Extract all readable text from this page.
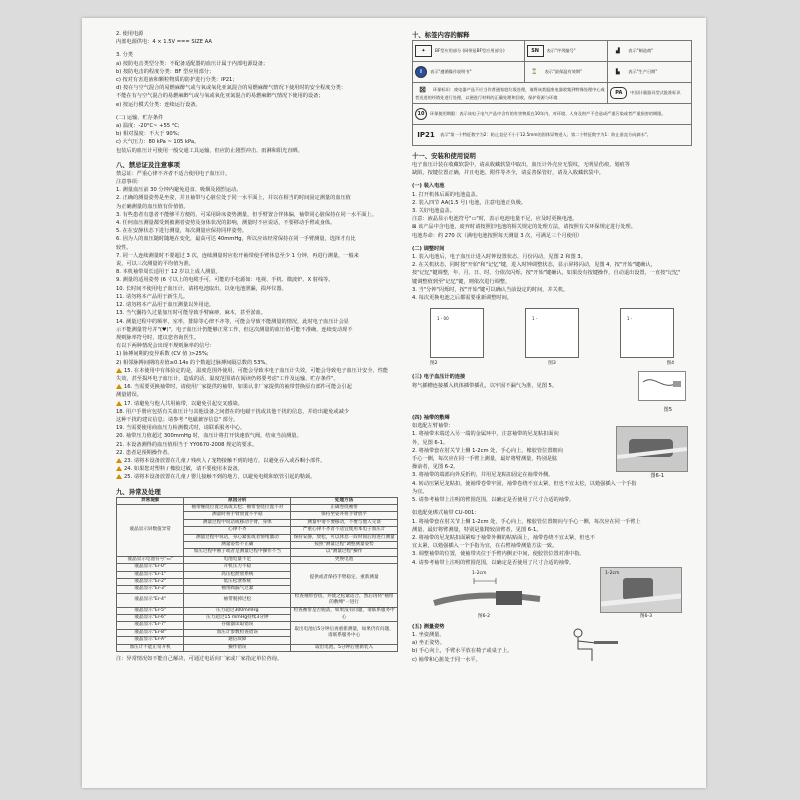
2. 使用电源

内部电源供电：4 × 1.5V === SIZE AA

3. 分类

a) 按防电击类型分类：不配备适配器的血压计属于内部电源设备；

b) 按防电击的程度分类：BF 型应用部分；

c) 按对有害进液和颗粒物质的防护进行分类：IP21；

d) 按在与空气混合的易燃麻醉气或与氧或氧化亚氮混合的易燃麻醉气情况下使用时的安全程度分类：

不能在有与空气混合的易燃麻醉气或与氧或氧化亚氮混合的易燃麻醉气情况下使用的设备；

e) 按运行模式分类：连续运行设备。

(二) 运输、贮存条件

a) 温度：-20°C~ +55 °C;

b) 相对湿度：不大于 90%;

c) 大气压力：80 kPa ~ 105 kPa。

包装后的血压计可使用一般交通工具运输，但应防止剧烈冲击、雨淋和阳光直晒。

八、禁忌证及注意事项

禁忌证：严重心律不齐者不适合使用电子血压计。

注意事项：

1. 测量血压前 30 分钟内避免进食、吸烟及剧烈运动。

2. 正确的测量姿势是坐姿，并且袖带与心脏位处于同一水平面上，并以在相当的时间固定测量的血压值

为正确测量的血压值有价值值。

3. 有些患者有患者不能够平方便的，可采用卧床姿势测量，但手臂置合伴体偏，袖带同心脏保持在同一水平面上。

4. 任何血压测量都受到被测者姿势及身体状况的影响，测量时不应说话，不要移动手臂或身体。

5. 在在安静状态下进行测量，每次测量应保持同样姿势。

6. 因为人的血压随时随地在变化，最高可达 40mmHg，所以应该经常保持在同一手臂测量，选择才有比

较性。

7. 同一人连续测量时不要超过 3 次，连续测量时应松开袖带使手臂休息至少 1 分钟，再进行测量，一般来

说，可以三次测量的平均值为准。

8. 本机袖带周长适用于 12 岁以上成人测量。

9. 测量的适用姿势 (6 寸以上的电缆手可，可能的手松源如：电视、手机、微波炉、X 射线等。

10. 长时间不使用电子血压计，请将电池取出，以免电池泄漏，损坏仪器。

11. 请勿将本产品用于新生儿。

12. 请勿将本产品用于血压测量以外用途。

13. 当气囊持久过量加压时可能导致手臂麻痹，麻木，甚至淤血。

14. 测量过程中的频率，室率，排除等心律不齐等，可能会导致不能测量的情况，此时电子血压计会显

示不能测量符号并"(♥)"，电子血压计仍能够正常工作，但这次测量的血压值可能不准确，连续变动现不

规则脉率符号时，建议您咨询医生。

有以下两种情况会出现不规则脉率的信号：

1) 脉搏间期的变异系数 (CV 值 )>25%;

2) 相邻脉搏间期的差值≥0.14s 的个数超过脉搏间隔总数的 53%。

15. 在本使用中有体验定的是，温度范围外使用，可能会导致本电子血压计失效，可能会导致电子血压计安全、性能

失效，甚至损坏电子血压计，造成的话，温度范围请在阅读仍将要考虑"工作及运输、贮存条件"。

16. 当需要更换袖带时，请使用厂家提供的袖带，如果认非厂家提供的袖带替换原有部件可能会引起

测量错误。

17. 请避免与他人共用袖带，以避免引起交叉感染。

18. 用户手册应包括有关血压计与其他设备之间潜在的电磁干扰或其他干扰的信息，并给出避免或减少

这种干扰的建议信息；请参考 "电磁兼容信息" 部分。

19. 当需要使用商血压力检测模式时，请联系服务中心。

20. 袖带压力值超过 300mmHg 时，血压计将打开快速放气阀，结束当前测量。

21. 本设备测得的血压值相当于 YY0670-2008 规定的要求。

22. 患者是预期操作者。

23. 请将本设备放置在儿童 / 残疾人 / 宠物接触不到的地方，以避免吞入或吞咽小部件。

24. 如果您对塑料 / 橡胶过敏，请不要使用本设备。

25. 请将本设备放置在儿童 / 婴儿接触不到的地方，以避免电缆和软管引起的勒颈。

九、异常及处理

异常现象	原因分析	处理方法
液晶显示屏数值异常	袖带缠绕位置过高或太松；袖带卷绕位置不对	正确卷绕袖带
	测量时将手臂放置不平稳	保持坐姿并将手臂放平
	测量过程中说话或移动手臂，身体	测量中请不要移动，不要与他人交谈
	心律不齐	严重心律不齐者不适宜使用本电子血压计
	测量过程中说话，身心紧张或者情绪激动	保持安静，放松，可以休息一段时间后再进行测量
	测量姿势不正确	按照"测量过程"调整测量姿势
	加压过程中袖子或者是测量过程中操作不当	以"测量过程"操作
液晶显示电池符号"▭"	电池电量不足	更换电池
液晶显示"Er-0"	开机压力不稳	提供或者保持手臂稳定，重新测量
液晶显示"Er-1"	高压松泄放系统	
液晶显示"Er-2"	低压松泄系统	
液晶显示"Er-3"	袖带阀漏气过紧	
液晶显示"Er-4"	袖带脱掉过松	检查袖带卷绕，并使之松紧适合，然后再将"袖带的敷缚"一进行
液晶显示"Er-5"	压力超过300mmHg	检查袖带是否脱落，如果没有问题，请联系服务中心
液晶显示"Er-6"	压力超过15 mmHg持续3分钟	
液晶显示"Er-7"	存储器读取错误	取出电池后5分钟后再重新测量，如果仍有问题，请联系服务中心
液晶显示"Er-8"	血压计参数检查错误	
液晶显示"Er-A"	通信故障	
血压计不能正常开机	操作错误	取出电池，5分钟后重新装入

注：异常情况如不能自己解决，可通过电话向厂家或厂家指定单位咨询。

十、标签内容的解释

✦ BF型应用部分 (网带是BF型应用部分)	SN 表示"序列编号"	▟ 表示"制造商"
i 表示"遵循操作说明书"	⌛ 表示"最保温有效期"	▙ 表示"生产日期"
⊠ 环保标识：废电器产品不应当作普通家庭垃圾处理，请将该类报废电器收集到特殊处理中心或者送进的经销处进行处理，以便进行材料的正确处理和回收，保护资源与环境		PA 中国计量器具型式批准标识
10 环保使用期限：表示该电子电气产品中含有的有害物质在10年内，对环境、人身及财产不会造成严重污染或者严重损害的期限。		
IP21 表示"第一个特征数字为2：防止直径不小于12.5mm的固体异物进入；第二个特征数字为1：防止垂直方向滴水"。		

十一、安装和使用说明

电子血压计装在收藏软袋中，请从收藏软袋中取出，血压计外壳应无裂纹，无明显伤痕、划痕等

缺陷，按键位置正确，并且电池、附件等齐全，请妥善保管好，请及入收藏软袋中。

(一) 装入电池

1. 打开机体后面的电池盒盖。

2. 装入四节 AA(1.5 号) 电池，注意电池正负极。

3. 关好电池盒盖。

注意：液晶显示电池符号"▭"时，表示电池电量不足，应及时更换电池。

⊠ 该产品中含电池，废弃时请按照旧电池的相关规定的处理方法，请按照有关环保规定进行处理。

电池寿命：约 270 次（满电电池按照每天测量 3 次，可满足三个月使用）

(二) 调整时间

1. 装入电池后，电子血压计进入时钟设置状态，月份闪动，见图 2 和图 3。

2. 在关机状态，同时按"开始"和"记忆"键，进入时钟调整状态，显示屏将闪动，见图 4，按"开始"键确认，

按"记忆"键调整，年、月、日、时、分依次闪烁，按"开始"键确认，如果没有按键操作，自动退出设置，一直按"记忆"

键调整值到至"记忆"键，则依次进行调整。

3. 当"分钟"闪烁时，按"开始"键可以确认当前设定的时间，并关机。

4. 每次更换电池之后都需要重新调整时间。

1 - 00	1 -	1 -
图2	图3	图4

(三) 电子血压计的连接

将气插槽连接插入机体插带插孔，以牢固不漏气为准，见图 5。

图5

(四) 袖带的敷缚

如选配左臂袖带：

1. 将袖带末端送入另一端的金属环中，注意袖带的尼龙粘扣面向

外，见图 6-1。

2. 将袖带套在肘关节上侧 1-2cm 处，手心向上，橡胶管位置朝向

手心一侧，每次应在同一手臂上测量，最好将臂测量，特别是肱

操前者，见图 6-2。

3. 将袖带的端部向外反折约，并用尼龙粘扣固定在袖带外侧。

4. 转动压紧尼龙粘扣，使袖带卷带牢固，袖带卷绕不宜太紧，但也不宜太松，以勉强插入一个手指

为宜。

5. 请参考袖带上注明的臂围范围，以确定是否使用了尺寸合适的袖带。

如选配免绑式袖带 CU-001：

1. 将袖带套在肘关节上侧 1-2cm 处，手心向上，橡胶管位置朝向与手心一侧，每次应在同一手臂上

测量，最好将臂测量，特别是肱精较前臂者，见图 6-1。

2. 将袖带的尼龙粘扣面紧贴于袖带外侧的粘贴面上，袖带卷绕不宜太紧，但也不

宜太紧，以勉强插入一个手指为宜，在右臂袖带测量方法一致。

3. 调整袖带的位置，使袖带夹位于手臂内侧正中间，使胶管位置对准中指。

4. 请参考袖带上注明的臂围范围，以确定是否使用了尺寸合适的袖带。

图6-1

1-2cm
图6-2
1-2cm
图6-3

(五) 测量姿势

1. 坐姿测量。

a) 坐正姿势。

b) 手心向上，手臂水平放在椅子或桌子上。

c) 袖带和心脏处于同一水平。
